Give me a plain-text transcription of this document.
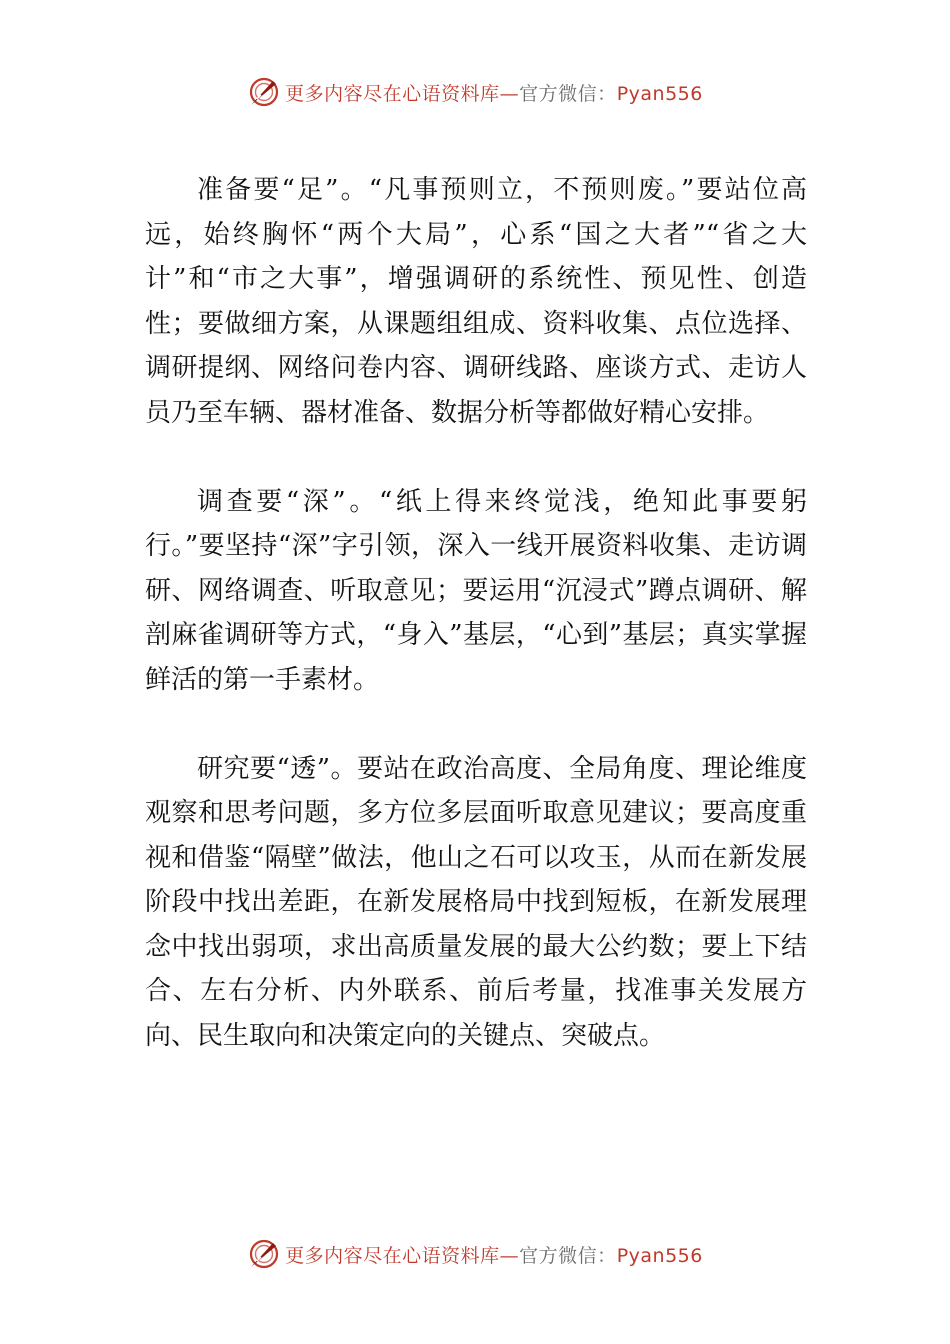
更多内容尽在心语资料库—官方微信：Pyan556

准备要“足”。“凡事预则立，不预则废。”要站位高远，始终胸怀“两个大局”，心系“国之大者”“省之大计”和“市之大事”，增强调研的系统性、预见性、创造性；要做细方案，从课题组组成、资料收集、点位选择、调研提纲、网络问卷内容、调研线路、座谈方式、走访人员乃至车辆、器材准备、数据分析等都做好精心安排。

调查要“深”。“纸上得来终觉浅，绝知此事要躬行。”要坚持“深”字引领，深入一线开展资料收集、走访调研、网络调查、听取意见；要运用“沉浸式”蹲点调研、解剖麻雀调研等方式，“身入”基层，“心到”基层；真实掌握鲜活的第一手素材。

研究要“透”。要站在政治高度、全局角度、理论维度观察和思考问题，多方位多层面听取意见建议；要高度重视和借鉴“隔壁”做法，他山之石可以攻玉，从而在新发展阶段中找出差距，在新发展格局中找到短板，在新发展理念中找出弱项，求出高质量发展的最大公约数；要上下结合、左右分析、内外联系、前后考量，找准事关发展方向、民生取向和决策定向的关键点、突破点。

更多内容尽在心语资料库—官方微信：Pyan556
